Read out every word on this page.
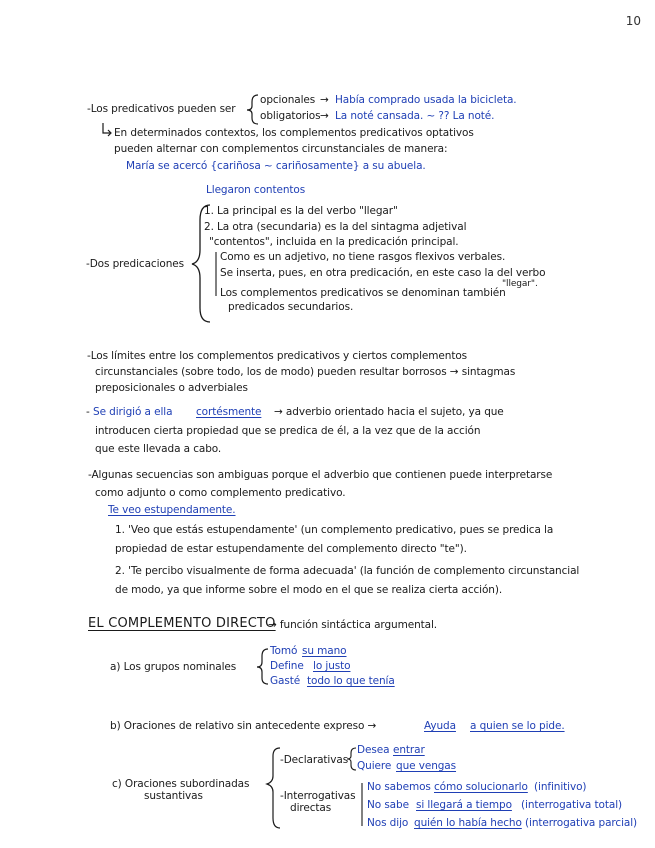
10
-Los predicativos pueden ser
opcionales → Había comprado usada la bicicleta.
obligatorios → La noté cansada. ~ ?? La noté.
En determinados contextos, los complementos predicativos optativos
pueden alternar con complementos circunstanciales de manera:
María se acercó {cariñosa ~ cariñosamente} a su abuela.
-Dos predicaciones
Llegaron contentos
1. La principal es la del verbo "llegar"
2. La otra (secundaria) es la del sintagma adjetival
"contentos", incluida en la predicación principal.
Como es un adjetivo, no tiene rasgos flexivos verbales.
Se inserta, pues, en otra predicación, en este caso la del verbo
"llegar".
Los complementos predicativos se denominan también
predicados secundarios.
-Los límites entre los complementos predicativos y ciertos complementos
circunstanciales (sobre todo, los de modo) pueden resultar borrosos → sintagmas
preposicionales o adverbiales
- Se dirigió a ella cortésmente → adverbio orientado hacia el sujeto, ya que
introducen cierta propiedad que se predica de él, a la vez que de la acción
que este llevada a cabo.
-Algunas secuencias son ambiguas porque el adverbio que contienen puede interpretarse
como adjunto o como complemento predicativo.
Te veo estupendamente.
1. 'Veo que estás estupendamente' (un complemento predicativo, pues se predica la
propiedad de estar estupendamente del complemento directo "te").
2. 'Te percibo visualmente de forma adecuada' (la función de complemento circunstancial
de modo, ya que informe sobre el modo en el que se realiza cierta acción).
EL COMPLEMENTO DIRECTO
→ función sintáctica argumental.
a) Los grupos nominales
Tomó su mano
Define lo justo
Gasté todo lo que tenía
b) Oraciones de relativo sin antecedente expreso →	Ayuda a quien se lo pide.
c) Oraciones subordinadas
sustantivas
-Declarativas
Desea entrar
Quiere que vengas
-Interrogativas
directas
No sabemos cómo solucionarlo (infinitivo)
No sabe si llegará a tiempo (interrogativa total)
Nos dijo quién lo había hecho (interrogativa parcial)
